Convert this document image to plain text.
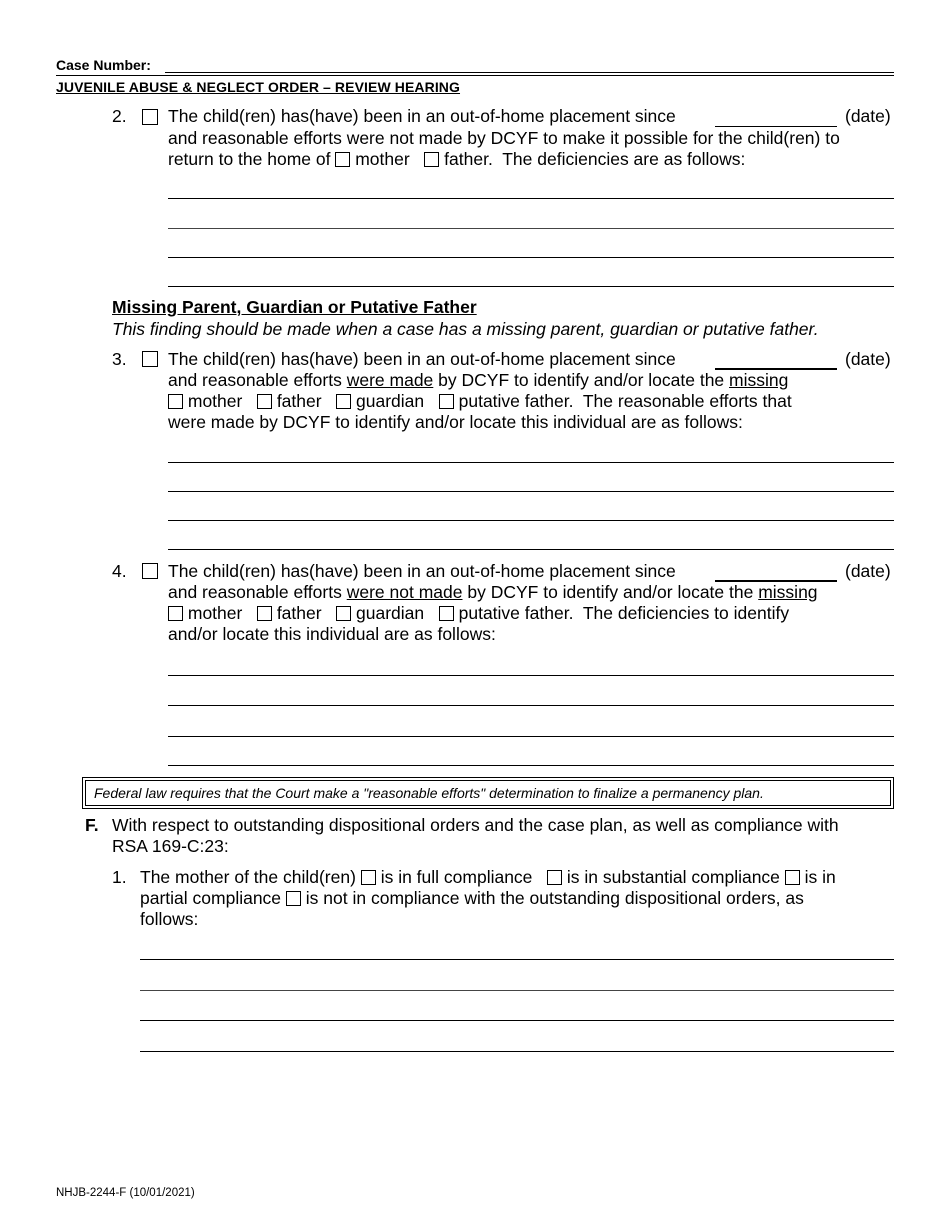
Case Number:
JUVENILE ABUSE & NEGLECT ORDER – REVIEW HEARING
2. The child(ren) has(have) been in an out-of-home placement since	(date)
and reasonable efforts were not made by DCYF to make it possible for the child(ren) to
return to the home of mother father. The deficiencies are as follows:
Missing Parent, Guardian or Putative Father
This finding should be made when a case has a missing parent, guardian or putative father.
3. The child(ren) has(have) been in an out-of-home placement since	(date)
and reasonable efforts were made by DCYF to identify and/or locate the missing
mother father guardian putative father. The reasonable efforts that
were made by DCYF to identify and/or locate this individual are as follows:
4. The child(ren) has(have) been in an out-of-home placement since	(date)
and reasonable efforts were not made by DCYF to identify and/or locate the missing
mother father guardian putative father. The deficiencies to identify
and/or locate this individual are as follows:
Federal law requires that the Court make a "reasonable efforts" determination to finalize a permanency plan.
F. With respect to outstanding dispositional orders and the case plan, as well as compliance with
RSA 169-C:23:
1. The mother of the child(ren) is in full compliance is in substantial compliance is in
partial compliance is not in compliance with the outstanding dispositional orders, as
follows:
NHJB-2244-F (10/01/2021)
